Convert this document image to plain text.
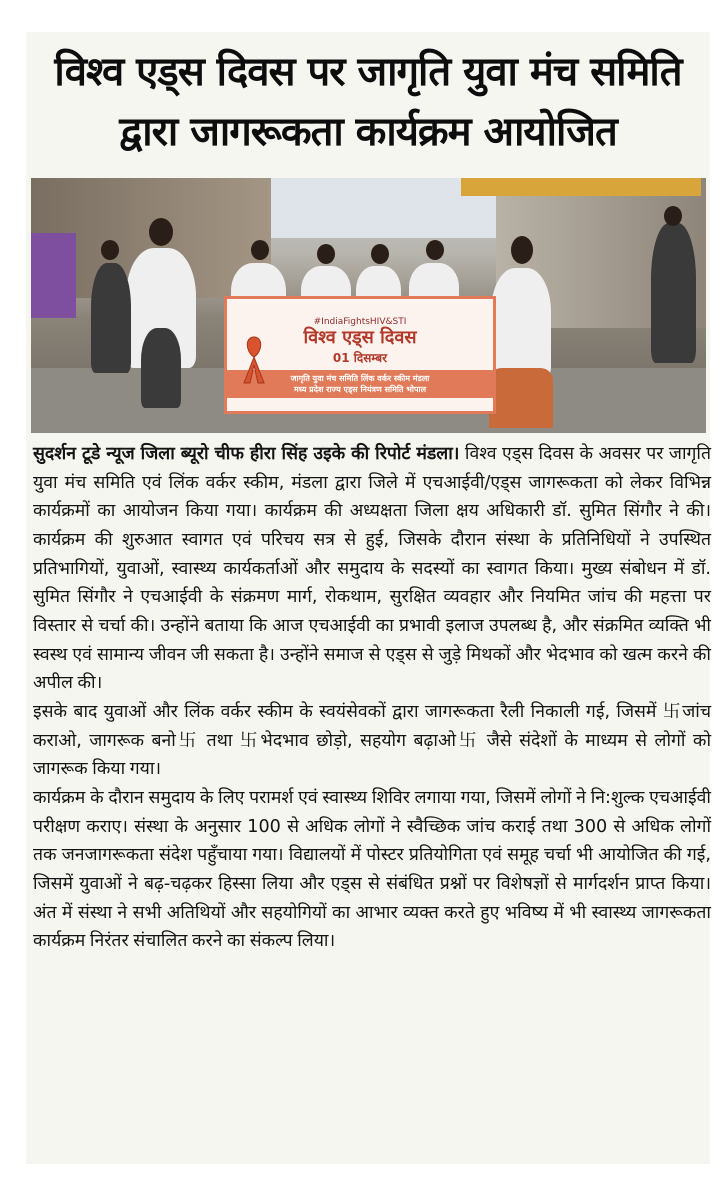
विश्व एड्स दिवस पर जागृति युवा मंच समिति
द्वारा जागरूकता कार्यक्रम आयोजित
#IndiaFightsHIV&STI
विश्व एड्स दिवस
01 दिसम्बर
जागृति युवा मंच समिति लिंक वर्कर स्कीम मंडला
मध्य प्रदेश राज्य एड्स नियंत्रण समिति भोपाल

सुदर्शन टूडे न्यूज जिला ब्यूरो चीफ हीरा सिंह उइके की रिपोर्ट मंडला। विश्व एड्स दिवस के अवसर पर जागृति युवा मंच समिति एवं लिंक वर्कर स्कीम, मंडला द्वारा जिले में एचआईवी/एड्स जागरूकता को लेकर विभिन्न कार्यक्रमों का आयोजन किया गया। कार्यक्रम की अध्यक्षता जिला क्षय अधिकारी डॉ. सुमित सिंगौर ने की। कार्यक्रम की शुरुआत स्वागत एवं परिचय सत्र से हुई, जिसके दौरान संस्था के प्रतिनिधियों ने उपस्थित प्रतिभागियों, युवाओं, स्वास्थ्य कार्यकर्ताओं और समुदाय के सदस्यों का स्वागत किया। मुख्य संबोधन में डॉ. सुमित सिंगौर ने एचआईवी के संक्रमण मार्ग, रोकथाम, सुरक्षित व्यवहार और नियमित जांच की महत्ता पर विस्तार से चर्चा की। उन्होंने बताया कि आज एचआईवी का प्रभावी इलाज उपलब्ध है, और संक्रमित व्यक्ति भी स्वस्थ एवं सामान्य जीवन जी सकता है। उन्होंने समाज से एड्स से जुड़े मिथकों और भेदभाव को खत्म करने की अपील की।

इसके बाद युवाओं और लिंक वर्कर स्कीम के स्वयंसेवकों द्वारा जागरूकता रैली निकाली गई, जिसमें 卐जांच कराओ, जागरूक बनो卐 तथा 卐भेदभाव छोड़ो, सहयोग बढ़ाओ卐 जैसे संदेशों के माध्यम से लोगों को जागरूक किया गया।

कार्यक्रम के दौरान समुदाय के लिए परामर्श एवं स्वास्थ्य शिविर लगाया गया, जिसमें लोगों ने नि:शुल्क एचआईवी परीक्षण कराए। संस्था के अनुसार 100 से अधिक लोगों ने स्वैच्छिक जांच कराई तथा 300 से अधिक लोगों तक जनजागरूकता संदेश पहुँचाया गया। विद्यालयों में पोस्टर प्रतियोगिता एवं समूह चर्चा भी आयोजित की गई, जिसमें युवाओं ने बढ़-चढ़कर हिस्सा लिया और एड्स से संबंधित प्रश्नों पर विशेषज्ञों से मार्गदर्शन प्राप्त किया। अंत में संस्था ने सभी अतिथियों और सहयोगियों का आभार व्यक्त करते हुए भविष्य में भी स्वास्थ्य जागरूकता कार्यक्रम निरंतर संचालित करने का संकल्प लिया।
